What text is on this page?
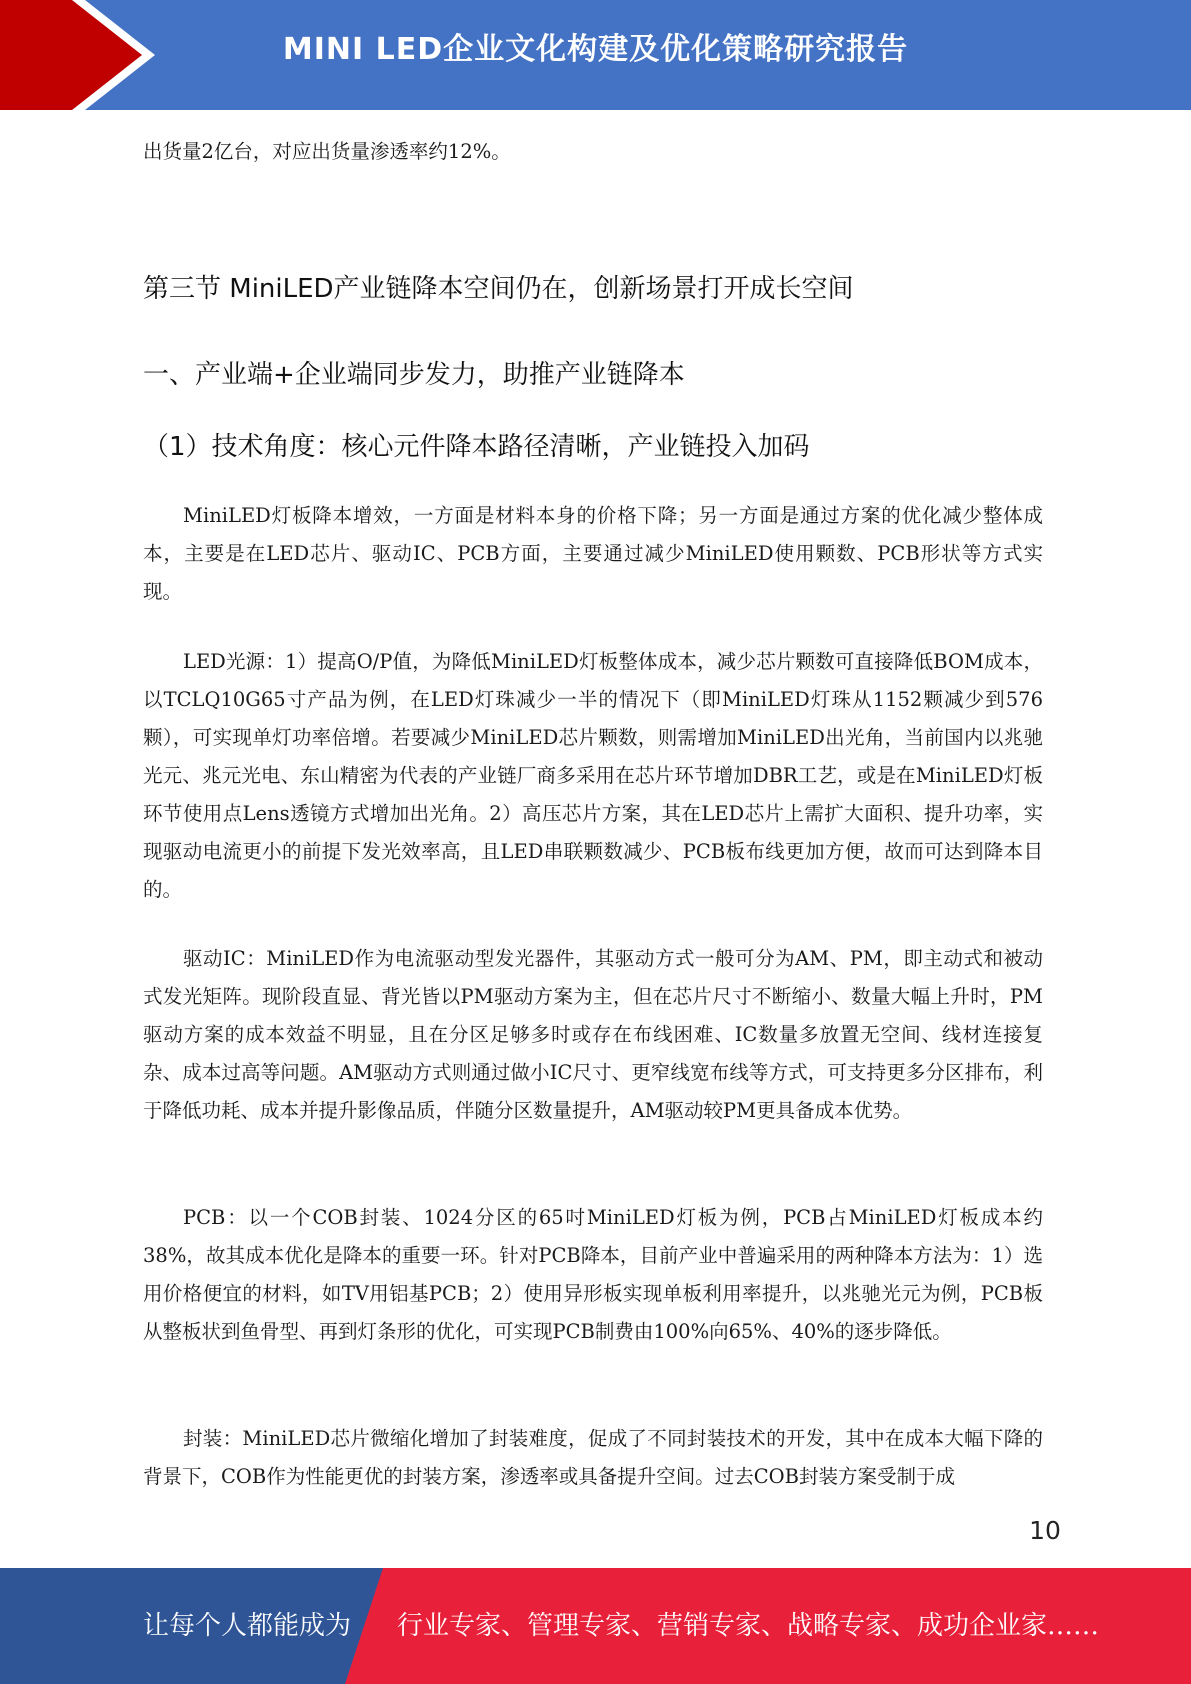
MINI LED企业文化构建及优化策略研究报告
出货量2亿台，对应出货量渗透率约12%。
第三节 MiniLED产业链降本空间仍在，创新场景打开成长空间
一、产业端+企业端同步发力，助推产业链降本
（1）技术角度：核心元件降本路径清晰，产业链投入加码
MiniLED灯板降本增效，一方面是材料本身的价格下降；另一方面是通过方案的优化减少整体成本，主要是在LED芯片、驱动IC、PCB方面，主要通过减少MiniLED使用颗数、PCB形状等方式实现。
LED光源：1）提高O/P值，为降低MiniLED灯板整体成本，减少芯片颗数可直接降低BOM成本，以TCLQ10G65寸产品为例，在LED灯珠减少一半的情况下（即MiniLED灯珠从1152颗减少到576颗），可实现单灯功率倍增。若要减少MiniLED芯片颗数，则需增加MiniLED出光角，当前国内以兆驰光元、兆元光电、东山精密为代表的产业链厂商多采用在芯片环节增加DBR工艺，或是在MiniLED灯板环节使用点Lens透镜方式增加出光角。2）高压芯片方案，其在LED芯片上需扩大面积、提升功率，实现驱动电流更小的前提下发光效率高，且LED串联颗数减少、PCB板布线更加方便，故而可达到降本目的。
驱动IC：MiniLED作为电流驱动型发光器件，其驱动方式一般可分为AM、PM，即主动式和被动式发光矩阵。现阶段直显、背光皆以PM驱动方案为主，但在芯片尺寸不断缩小、数量大幅上升时，PM驱动方案的成本效益不明显，且在分区足够多时或存在布线困难、IC数量多放置无空间、线材连接复杂、成本过高等问题。AM驱动方式则通过做小IC尺寸、更窄线宽布线等方式，可支持更多分区排布，利于降低功耗、成本并提升影像品质，伴随分区数量提升，AM驱动较PM更具备成本优势。
PCB：以一个COB封装、1024分区的65吋MiniLED灯板为例，PCB占MiniLED灯板成本约38%，故其成本优化是降本的重要一环。针对PCB降本，目前产业中普遍采用的两种降本方法为：1）选用价格便宜的材料，如TV用铝基PCB；2）使用异形板实现单板利用率提升，以兆驰光元为例，PCB板从整板状到鱼骨型、再到灯条形的优化，可实现PCB制费由100%向65%、40%的逐步降低。
封装：MiniLED芯片微缩化增加了封装难度，促成了不同封装技术的开发，其中在成本大幅下降的背景下，COB作为性能更优的封装方案，渗透率或具备提升空间。过去COB封装方案受制于成
10
让每个人都能成为 行业专家、管理专家、营销专家、战略专家、成功企业家……
